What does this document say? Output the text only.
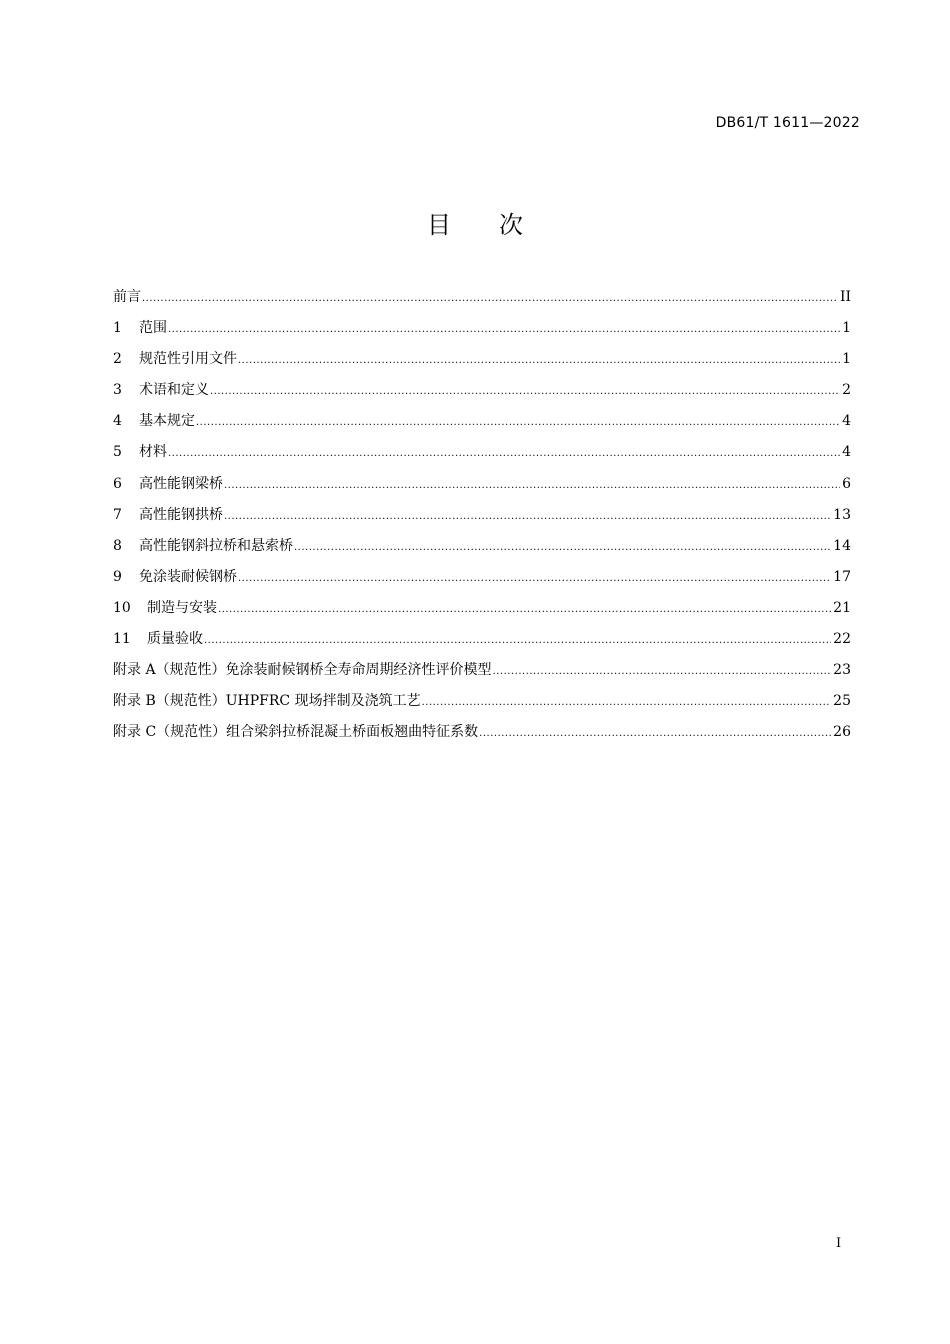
DB61/T 1611—2022
目次
前言 .....	II
1	范围 .....	1
2	规范性引用文件 .....	1
3	术语和定义 .....	2
4	基本规定 .....	4
5	材料 .....	4
6	高性能钢梁桥 .....	6
7	高性能钢拱桥 .....	13
8	高性能钢斜拉桥和悬索桥 .....	14
9	免涂装耐候钢桥 .....	17
10	制造与安装 .....	21
11	质量验收 .....	22
附录 A（规范性）免涂装耐候钢桥全寿命周期经济性评价模型 .....	23
附录 B（规范性）UHPFRC 现场拌制及浇筑工艺 .....	25
附录 C（规范性）组合梁斜拉桥混凝土桥面板翘曲特征系数 .....	26
I
